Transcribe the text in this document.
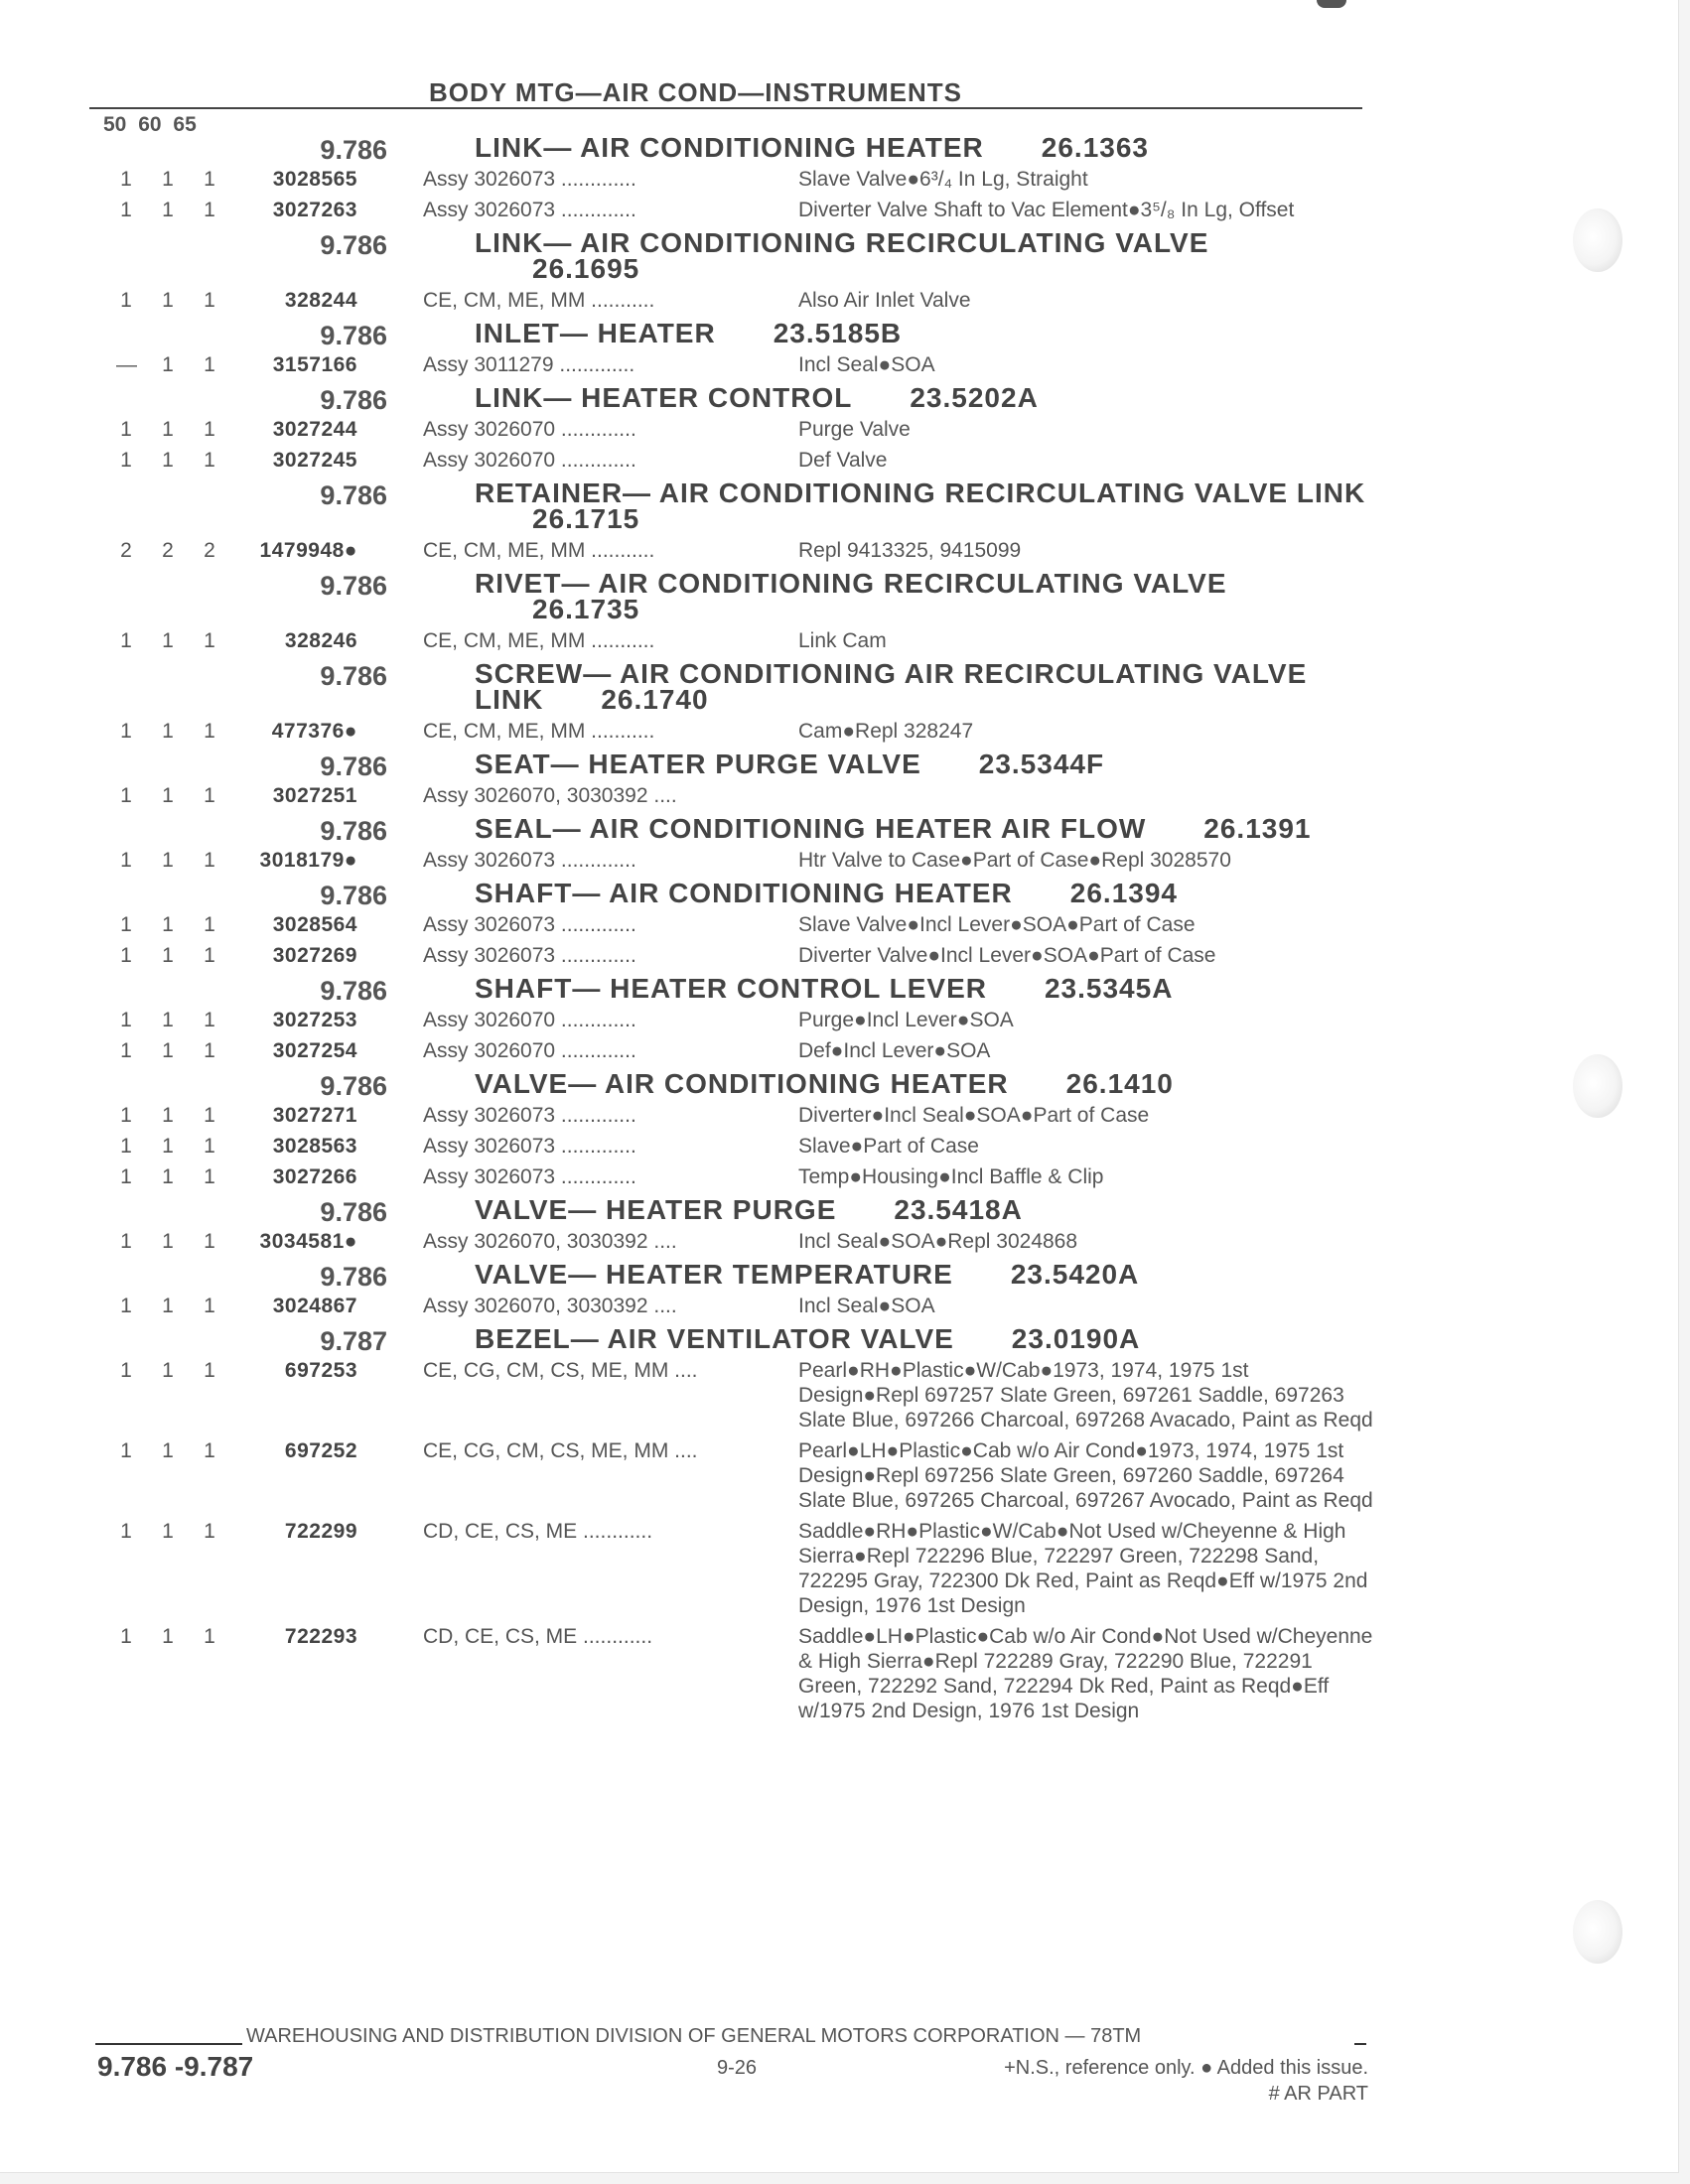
BODY MTG—AIR COND—INSTRUMENTS
50 60 65
9.786	LINK— AIR CONDITIONING HEATER 26.1363
1 1 1	3028565	Assy 3026073 .............	Slave Valve●6³/₄ In Lg, Straight
1 1 1	3027263	Assy 3026073 .............	Diverter Valve Shaft to Vac Element●3⁵/₈ In Lg, Offset
9.786	LINK— AIR CONDITIONING RECIRCULATING VALVE26.1695
1 1 1	328244	CE, CM, ME, MM ...........	Also Air Inlet Valve
9.786	INLET— HEATER 23.5185B
— 1 1	3157166	Assy 3011279 .............	Incl Seal●SOA
9.786	LINK— HEATER CONTROL 23.5202A
1 1 1	3027244	Assy 3026070 .............	Purge Valve
1 1 1	3027245	Assy 3026070 .............	Def Valve
9.786	RETAINER— AIR CONDITIONING RECIRCULATING VALVE LINK26.1715
2 2 2	1479948●	CE, CM, ME, MM ...........	Repl 9413325, 9415099
9.786	RIVET— AIR CONDITIONING RECIRCULATING VALVE26.1735
1 1 1	328246	CE, CM, ME, MM ...........	Link Cam
9.786	SCREW— AIR CONDITIONING AIR RECIRCULATING VALVE LINK 26.1740
1 1 1	477376●	CE, CM, ME, MM ...........	Cam●Repl 328247
9.786	SEAT— HEATER PURGE VALVE 23.5344F
1 1 1	3027251	Assy 3026070, 3030392 ....
9.786	SEAL— AIR CONDITIONING HEATER AIR FLOW 26.1391
1 1 1	3018179●	Assy 3026073 .............	Htr Valve to Case●Part of Case●Repl 3028570
9.786	SHAFT— AIR CONDITIONING HEATER 26.1394
1 1 1	3028564	Assy 3026073 .............	Slave Valve●Incl Lever●SOA●Part of Case
1 1 1	3027269	Assy 3026073 .............	Diverter Valve●Incl Lever●SOA●Part of Case
9.786	SHAFT— HEATER CONTROL LEVER 23.5345A
1 1 1	3027253	Assy 3026070 .............	Purge●Incl Lever●SOA
1 1 1	3027254	Assy 3026070 .............	Def●Incl Lever●SOA
9.786	VALVE— AIR CONDITIONING HEATER 26.1410
1 1 1	3027271	Assy 3026073 .............	Diverter●Incl Seal●SOA●Part of Case
1 1 1	3028563	Assy 3026073 .............	Slave●Part of Case
1 1 1	3027266	Assy 3026073 .............	Temp●Housing●Incl Baffle & Clip
9.786	VALVE— HEATER PURGE 23.5418A
1 1 1	3034581●	Assy 3026070, 3030392 ....	Incl Seal●SOA●Repl 3024868
9.786	VALVE— HEATER TEMPERATURE 23.5420A
1 1 1	3024867	Assy 3026070, 3030392 ....	Incl Seal●SOA
9.787	BEZEL— AIR VENTILATOR VALVE 23.0190A
1 1 1	697253	CE, CG, CM, CS, ME, MM ....	Pearl●RH●Plastic●W/Cab●1973, 1974, 1975 1st Design●Repl 697257 Slate Green, 697261 Saddle, 697263 Slate Blue, 697266 Charcoal, 697268 Avacado, Paint as Reqd
1 1 1	697252	CE, CG, CM, CS, ME, MM ....	Pearl●LH●Plastic●Cab w/o Air Cond●1973, 1974, 1975 1st Design●Repl 697256 Slate Green, 697260 Saddle, 697264 Slate Blue, 697265 Charcoal, 697267 Avocado, Paint as Reqd
1 1 1	722299	CD, CE, CS, ME ............	Saddle●RH●Plastic●W/Cab●Not Used w/Cheyenne & High Sierra●Repl 722296 Blue, 722297 Green, 722298 Sand, 722295 Gray, 722300 Dk Red, Paint as Reqd●Eff w/1975 2nd Design, 1976 1st Design
1 1 1	722293	CD, CE, CS, ME ............	Saddle●LH●Plastic●Cab w/o Air Cond●Not Used w/Cheyenne & High Sierra●Repl 722289 Gray, 722290 Blue, 722291 Green, 722292 Sand, 722294 Dk Red, Paint as Reqd●Eff w/1975 2nd Design, 1976 1st Design
WAREHOUSING AND DISTRIBUTION DIVISION OF GENERAL MOTORS CORPORATION — 78TM
9.786 -9.787	9-26	+N.S., reference only. ● Added this issue.
# AR PART
